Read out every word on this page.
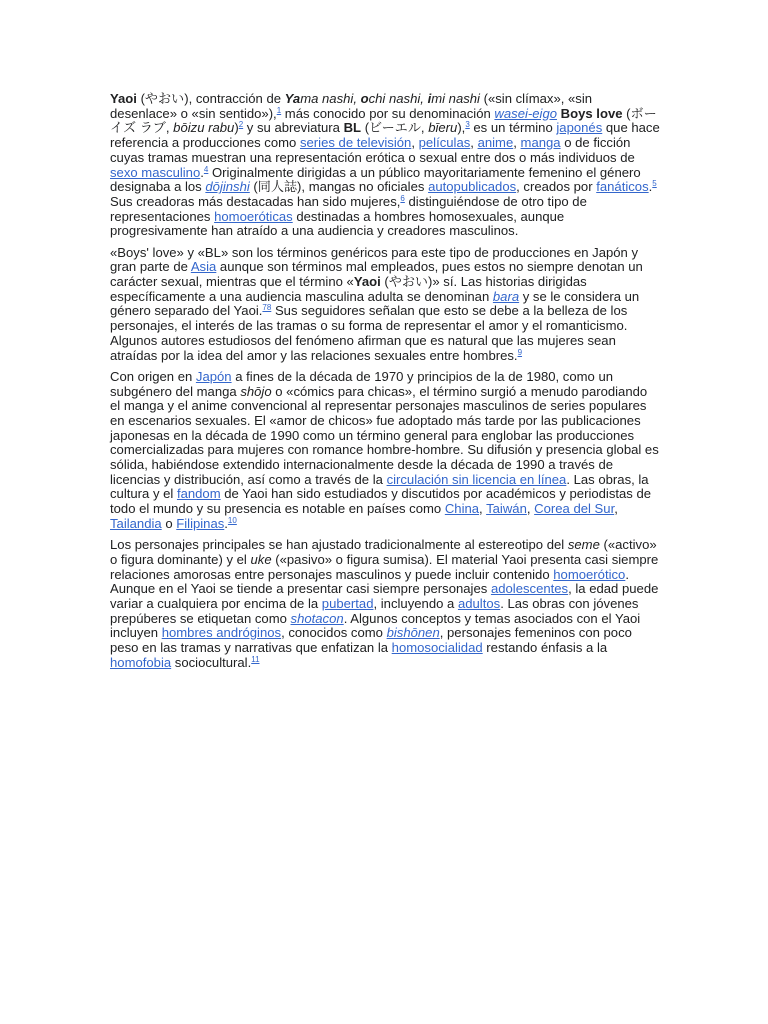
Yaoi (やおい), contracción de Yama nashi, ochi nashi, imi nashi («sin clímax», «sin desenlace» o «sin sentido»),$^1$ más conocido por su denominación wasei-eigo Boys love (ボーイズ ラブ, bōizu rabu)$^2$ y su abreviatura BL (ビーエル, bīeru),$^3$ es un término japonés que hace referencia a producciones como series de televisión, películas, anime, manga o de ficción cuyas tramas muestran una representación erótica o sexual entre dos o más individuos de sexo masculino.$^4$ Originalmente dirigidas a un público mayoritariamente femenino el género designaba a los dōjinshi (同人誌), mangas no oficiales autopublicados, creados por fanáticos.$^5$ Sus creadoras más destacadas han sido mujeres,$^6$ distinguiéndose de otro tipo de representaciones homoeróticas destinadas a hombres homosexuales, aunque progresivamente han atraído a una audiencia y creadores masculinos.

«Boys' love» y «BL» son los términos genéricos para este tipo de producciones en Japón y gran parte de Asia aunque son términos mal empleados, pues estos no siempre denotan un carácter sexual, mientras que el término «Yaoi (やおい)» sí. Las historias dirigidas específicamente a una audiencia masculina adulta se denominan bara y se le considera un género separado del Yaoi.$^{78}$ Sus seguidores señalan que esto se debe a la belleza de los personajes, el interés de las tramas o su forma de representar el amor y el romanticismo. Algunos autores estudiosos del fenómeno afirman que es natural que las mujeres sean atraídas por la idea del amor y las relaciones sexuales entre hombres.$^9$

Con origen en Japón a fines de la década de 1970 y principios de la de 1980, como un subgénero del manga shōjo o «cómics para chicas», el término surgió a menudo parodiando el manga y el anime convencional al representar personajes masculinos de series populares en escenarios sexuales. El «amor de chicos» fue adoptado más tarde por las publicaciones japonesas en la década de 1990 como un término general para englobar las producciones comercializadas para mujeres con romance hombre-hombre. Su difusión y presencia global es sólida, habiéndose extendido internacionalmente desde la década de 1990 a través de licencias y distribución, así como a través de la circulación sin licencia en línea. Las obras, la cultura y el fandom de Yaoi han sido estudiados y discutidos por académicos y periodistas de todo el mundo y su presencia es notable en países como China, Taiwán, Corea del Sur, Tailandia o Filipinas.$^{10}$

Los personajes principales se han ajustado tradicionalmente al estereotipo del seme («activo» o figura dominante) y el uke («pasivo» o figura sumisa). El material Yaoi presenta casi siempre relaciones amorosas entre personajes masculinos y puede incluir contenido homoerótico. Aunque en el Yaoi se tiende a presentar casi siempre personajes adolescentes, la edad puede variar a cualquiera por encima de la pubertad, incluyendo a adultos. Las obras con jóvenes prepúberes se etiquetan como shotacon. Algunos conceptos y temas asociados con el Yaoi incluyen hombres andróginos, conocidos como bishōnen, personajes femeninos con poco peso en las tramas y narrativas que enfatizan la homosocialidad restando énfasis a la homofobia sociocultural.$^{11}$
